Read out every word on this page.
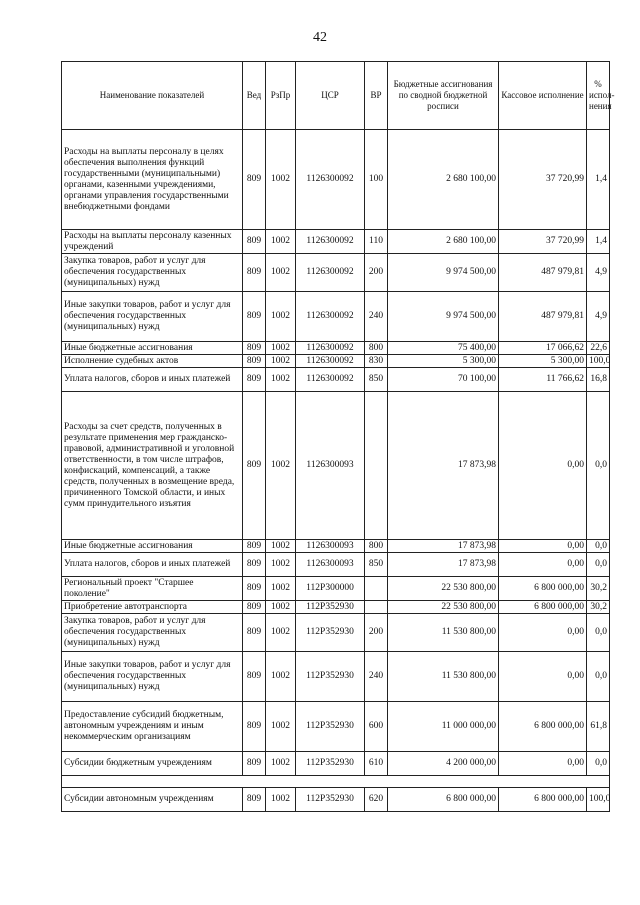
42
Наименование показателей	Вед	РзПр	ЦСР	ВР	Бюджетные ассигнования по сводной бюджетной росписи	Кассовое исполнение	% испол-нения
Расходы на выплаты персоналу в целях обеспечения выполнения функций государственными (муниципальными) органами, казенными учреждениями, органами управления государственными внебюджетными фондами	809	1002	1126300092	100	2 680 100,00	37 720,99	1,4
Расходы на выплаты персоналу казенных учреждений	809	1002	1126300092	110	2 680 100,00	37 720,99	1,4
Закупка товаров, работ и услуг для обеспечения государственных (муниципальных) нужд	809	1002	1126300092	200	9 974 500,00	487 979,81	4,9
Иные закупки товаров, работ и услуг для обеспечения государственных (муниципальных) нужд	809	1002	1126300092	240	9 974 500,00	487 979,81	4,9
Иные бюджетные ассигнования	809	1002	1126300092	800	75 400,00	17 066,62	22,6
Исполнение судебных актов	809	1002	1126300092	830	5 300,00	5 300,00	100,0
Уплата налогов, сборов и иных платежей	809	1002	1126300092	850	70 100,00	11 766,62	16,8
Расходы за счет средств, полученных в результате применения мер гражданско-правовой, административной и уголовной ответственности, в том числе штрафов, конфискаций, компенсаций, а также средств, полученных в возмещение вреда, причиненного Томской области, и иных сумм принудительного изъятия	809	1002	1126300093		17 873,98	0,00	0,0
Иные бюджетные ассигнования	809	1002	1126300093	800	17 873,98	0,00	0,0
Уплата налогов, сборов и иных платежей	809	1002	1126300093	850	17 873,98	0,00	0,0
Региональный проект "Старшее поколение"	809	1002	112P300000		22 530 800,00	6 800 000,00	30,2
Приобретение автотранспорта	809	1002	112P352930		22 530 800,00	6 800 000,00	30,2
Закупка товаров, работ и услуг для обеспечения государственных (муниципальных) нужд	809	1002	112P352930	200	11 530 800,00	0,00	0,0
Иные закупки товаров, работ и услуг для обеспечения государственных (муниципальных) нужд	809	1002	112P352930	240	11 530 800,00	0,00	0,0
Предоставление субсидий бюджетным, автономным учреждениям и иным некоммерческим организациям	809	1002	112P352930	600	11 000 000,00	6 800 000,00	61,8
Субсидии бюджетным учреждениям	809	1002	112P352930	610	4 200 000,00	0,00	0,0

Субсидии автономным учреждениям	809	1002	112P352930	620	6 800 000,00	6 800 000,00	100,0
